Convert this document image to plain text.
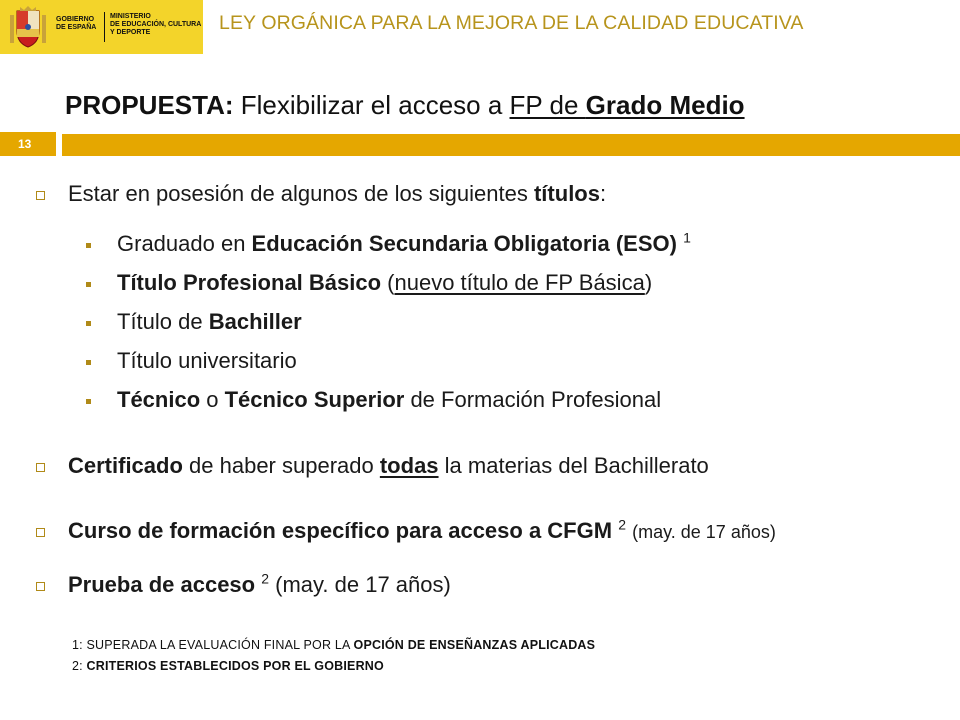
GOBIERNO
DE ESPAÑA
MINISTERIO
DE EDUCACIÓN, CULTURA
Y DEPORTE	LEY ORGÁNICA PARA LA MEJORA DE LA CALIDAD EDUCATIVA
PROPUESTA: Flexibilizar el acceso a FP de Grado Medio
13
Estar en posesión de algunos de los siguientes títulos:
Graduado en Educación Secundaria Obligatoria (ESO) $^1$
Título Profesional Básico (nuevo título de FP Básica)
Título de Bachiller
Título universitario
Técnico o Técnico Superior de Formación Profesional
Certificado de haber superado todas la materias del Bachillerato
Curso de formación específico para acceso a CFGM $^2$ (may. de 17 años)
Prueba de acceso $^2$ (may. de 17 años)
1: SUPERADA LA EVALUACIÓN FINAL POR LA OPCIÓN DE ENSEÑANZAS APLICADAS
2: CRITERIOS ESTABLECIDOS POR EL GOBIERNO
